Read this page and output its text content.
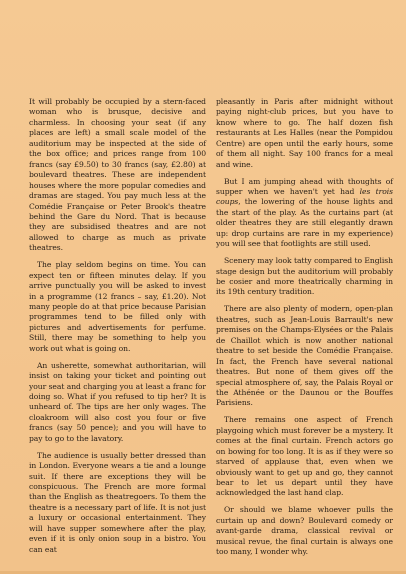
It will probably be occupied by a stern-faced woman who is brusque, decisive and charmless. In choosing your seat (if any places are left) a small scale model of the auditorium may be inspected at the side of the box office; and prices range from 100 francs (say £9.50) to 30 francs (say, £2.80) at boulevard theatres. These are independent houses where the more popular comedies and dramas are staged. You pay much less at the Comédie Française or Peter Brook's theatre behind the Gare du Nord. That is because they are subsidised theatres and are not allowed to charge as much as private theatres.

The play seldom begins on time. You can expect ten or fifteen minutes delay. If you arrive punctually you will be asked to invest in a programme (12 francs – say, £1.20). Not many people do at that price because Parisian programmes tend to be filled only with pictures and advertisements for perfume. Still, there may be something to help you work out what is going on.

An usherette, somewhat authoritarian, will insist on taking your ticket and pointing out your seat and charging you at least a franc for doing so. What if you refused to tip her? It is unheard of. The tips are her only wages. The cloakroom will also cost you four or five francs (say 50 pence); and you will have to pay to go to the lavatory.

The audience is usually better dressed than in London. Everyone wears a tie and a lounge suit. If there are exceptions they will be conspicuous. The French are more formal than the English as theatregoers. To them the theatre is a necessary part of life. It is not just a luxury or occasional entertainment. They will have supper somewhere after the play, even if it is only onion soup in a bistro. You can eat

pleasantly in Paris after midnight without paying night-club prices, but you have to know where to go. The half dozen fish restaurants at Les Halles (near the Pompidou Centre) are open until the early hours, some of them all night. Say 100 francs for a meal and wine.

But I am jumping ahead with thoughts of supper when we haven't yet had les trois coups, the lowering of the house lights and the start of the play. As the curtains part (at older theatres they are still elegantly drawn up: drop curtains are rare in my experience) you will see that footlights are still used.

Scenery may look tatty compared to English stage design but the auditorium will probably be cosier and more theatrically charming in its 19th century tradition.

There are also plenty of modern, open-plan theatres, such as Jean-Louis Barrault's new premises on the Champs-Elysées or the Palais de Chaillot which is now another national theatre to set beside the Comédie Française. In fact, the French have several national theatres. But none of them gives off the special atmosphere of, say, the Palais Royal or the Athénée or the Daunou or the Bouffes Parisiens.

There remains one aspect of French playgoing which must forever be a mystery. It comes at the final curtain. French actors go on bowing for too long. It is as if they were so starved of applause that, even when we obviously want to get up and go, they cannot bear to let us depart until they have acknowledged the last hand clap.

Or should we blame whoever pulls the curtain up and down? Boulevard comedy or avant-garde drama, classical revival or musical revue, the final curtain is always one too many, I wonder why.
